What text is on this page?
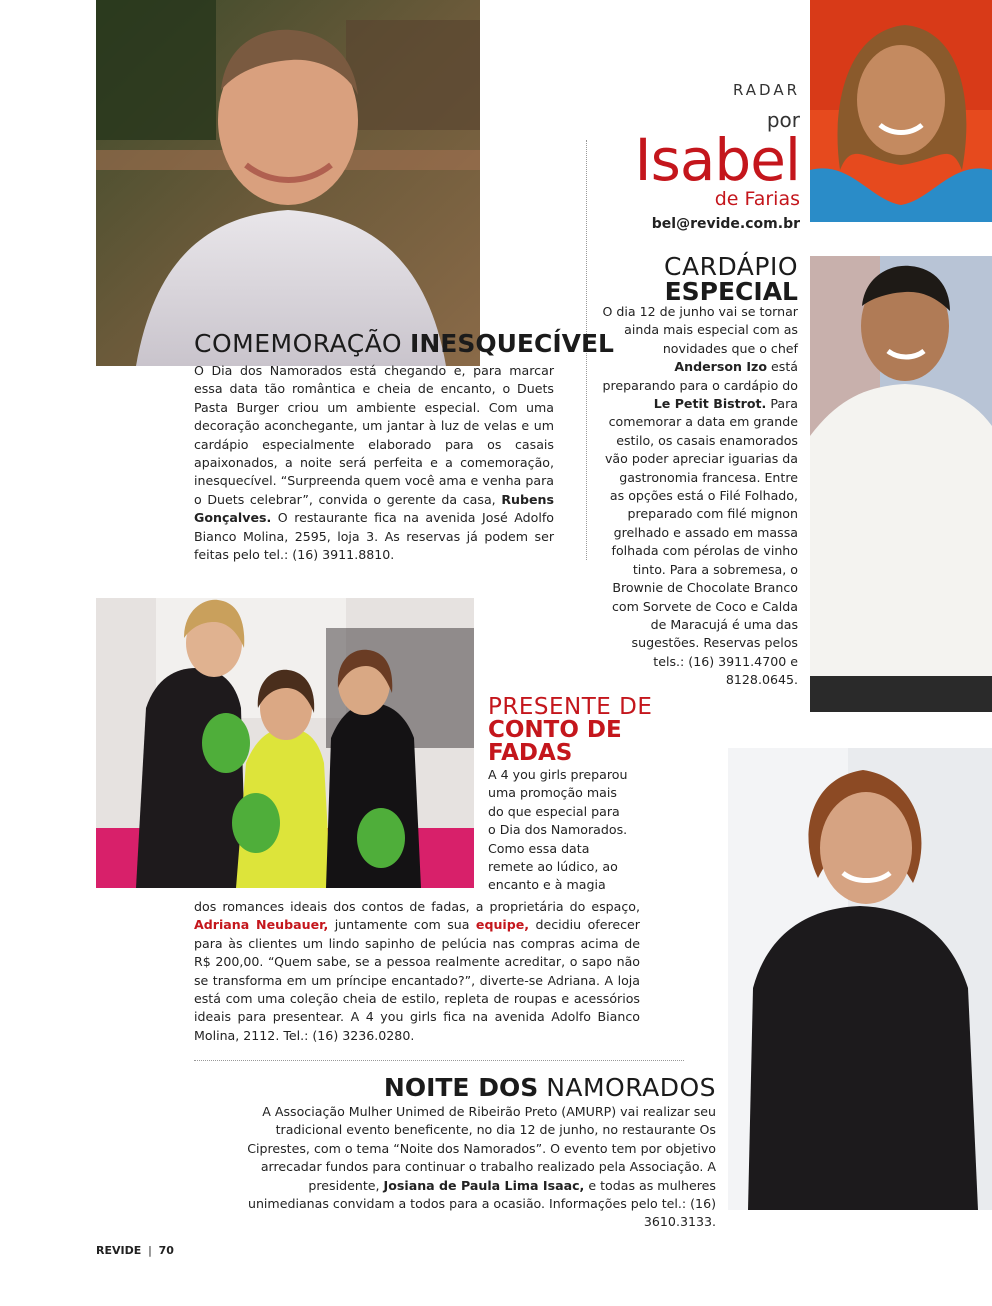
RADAR
por
Isabel
de Farias
bel@revide.com.br
COMEMORAÇÃO INESQUECÍVEL
O Dia dos Namorados está chegando e, para marcar essa data tão romântica e cheia de encanto, o Duets Pasta Burger criou um ambiente especial. Com uma decoração aconchegante, um jantar à luz de velas e um cardápio especialmente elaborado para os casais apaixonados, a noite será perfeita e a comemoração, inesquecível. “Surpreenda quem você ama e venha para o Duets celebrar”, convida o gerente da casa, Rubens Gonçalves. O restaurante fica na avenida José Adolfo Bianco Molina, 2595, loja 3. As reservas já podem ser feitas pelo tel.: (16) 3911.8810.
CARDÁPIO
ESPECIAL
O dia 12 de junho vai se tornar ainda mais especial com as novidades que o chef Anderson Izo está preparando para o cardápio do Le Petit Bistrot. Para comemorar a data em grande estilo, os casais enamorados vão poder apreciar iguarias da gastronomia francesa. Entre as opções está o Filé Folhado, preparado com filé mignon grelhado e assado em massa folhada com pérolas de vinho tinto. Para a sobremesa, o Brownie de Chocolate Branco com Sorvete de Coco e Calda de Maracujá é uma das sugestões. Reservas pelos tels.: (16) 3911.4700 e 8128.0645.
PRESENTE DE
CONTO DE
FADAS
A 4 you girls preparou uma promoção mais do que especial para o Dia dos Namorados. Como essa data remete ao lúdico, ao encanto e à magia
dos romances ideais dos contos de fadas, a proprietária do espaço, Adriana Neubauer, juntamente com sua equipe, decidiu oferecer para às clientes um lindo sapinho de pelúcia nas compras acima de R$ 200,00. “Quem sabe, se a pessoa realmente acreditar, o sapo não se transforma em um príncipe encantado?”, diverte-se Adriana. A loja está com uma coleção cheia de estilo, repleta de roupas e acessórios ideais para presentear. A 4 you girls fica na avenida Adolfo Bianco Molina, 2112. Tel.: (16) 3236.0280.
NOITE DOS NAMORADOS
A Associação Mulher Unimed de Ribeirão Preto (AMURP) vai realizar seu tradicional evento beneficente, no dia 12 de junho, no restaurante Os Ciprestes, com o tema “Noite dos Namorados”. O evento tem por objetivo arrecadar fundos para continuar o trabalho realizado pela Associação. A presidente, Josiana de Paula Lima Isaac, e todas as mulheres unimedianas convidam a todos para a ocasião. Informações pelo tel.: (16) 3610.3133.
REVIDE | 70
